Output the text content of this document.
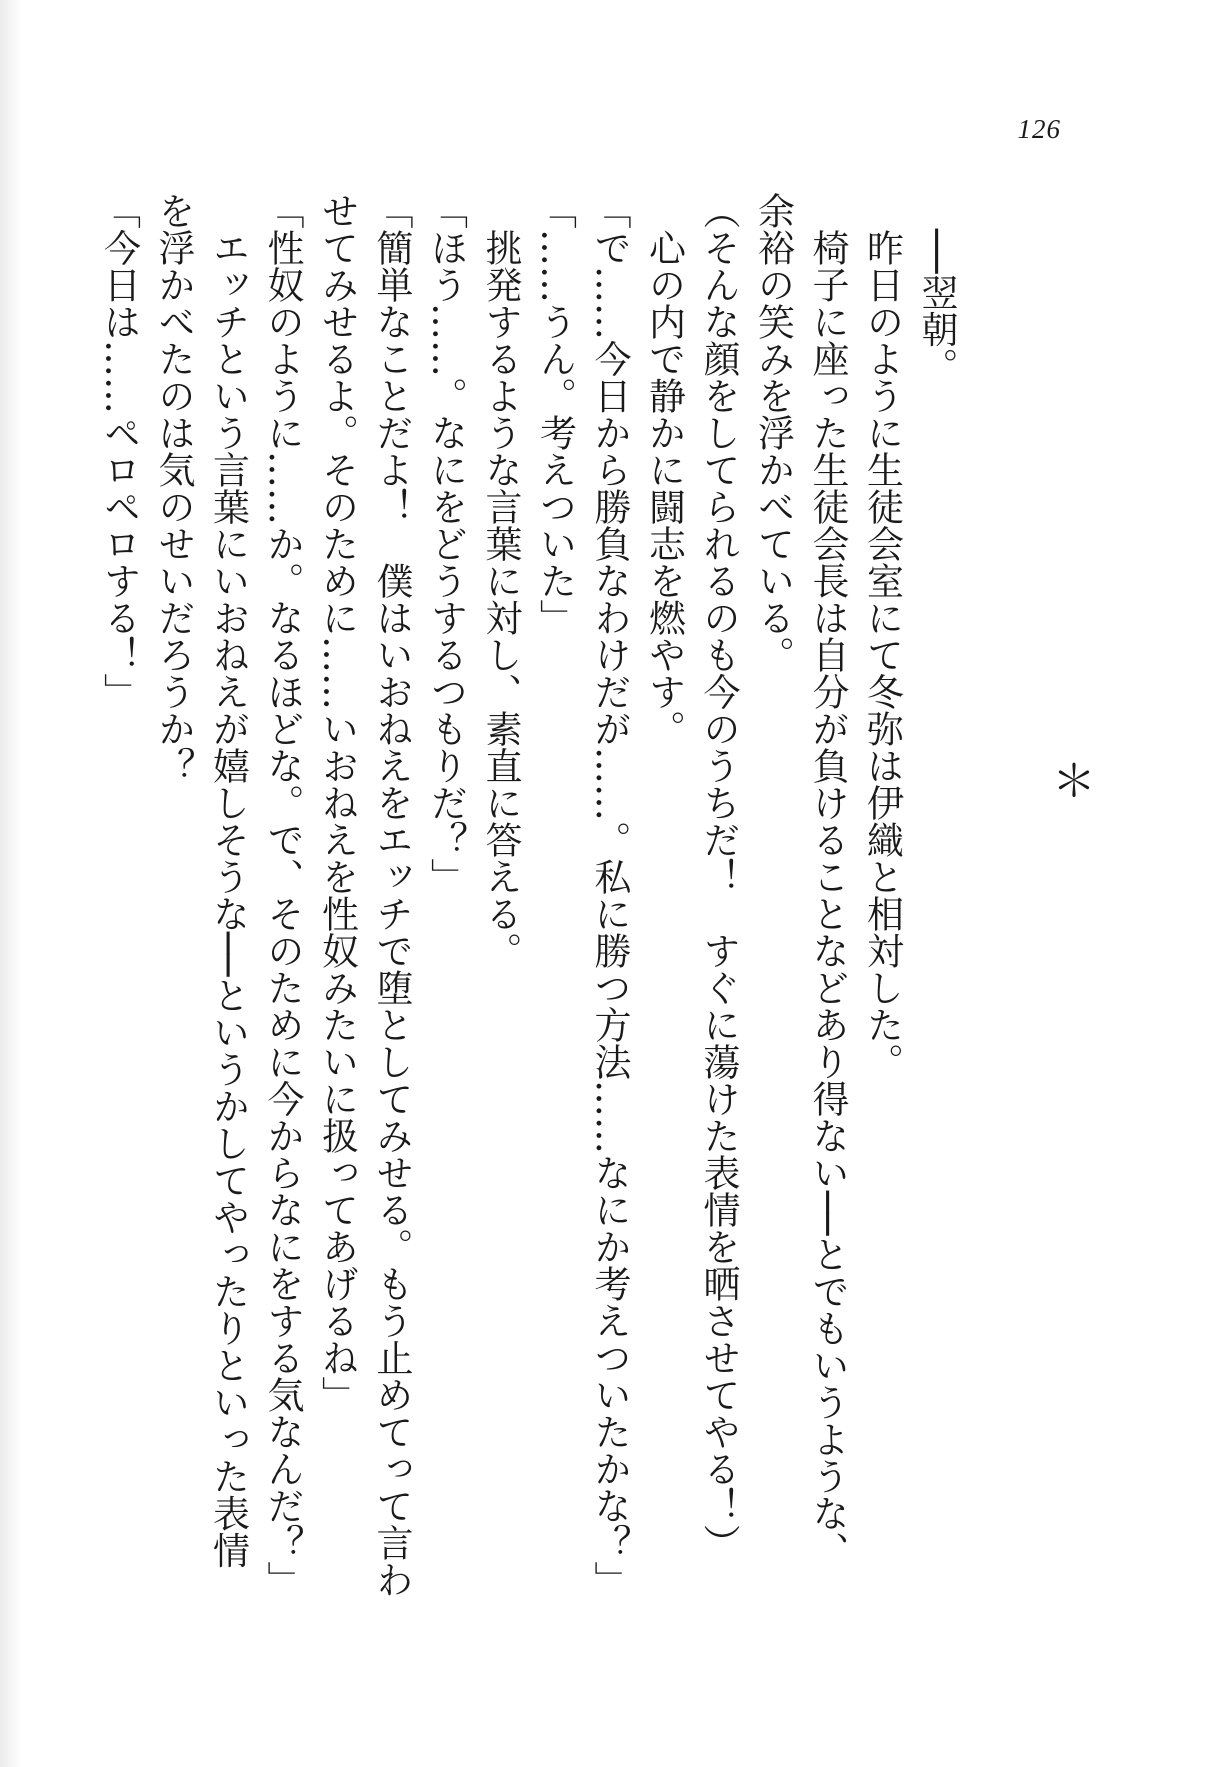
126
＊
──翌朝。
昨日のように生徒会室にて冬弥は伊織と相対した。
椅子に座った生徒会長は自分が負けることなどあり得ない──とでもいうような、
余裕の笑みを浮かべている。
（そんな顔をしてられるのも今のうちだ！　すぐに蕩けた表情を晒させてやる！）
心の内で静かに闘志を燃やす。
「で……今日から勝負なわけだが……。私に勝つ方法……なにか考えついたかな？」
「……うん。考えついた」
挑発するような言葉に対し、素直に答える。
「ほう……。なにをどうするつもりだ？」
「簡単なことだよ！　僕はいおねえをエッチで堕としてみせる。もう止めてって言わ
せてみせるよ。そのために……いおねえを性奴みたいに扱ってあげるね」
「性奴のように……か。なるほどな。で、そのために今からなにをする気なんだ？」
エッチという言葉にいおねえが嬉しそうな──というかしてやったりといった表情
を浮かべたのは気のせいだろうか？
「今日は……ペロペロする！」
